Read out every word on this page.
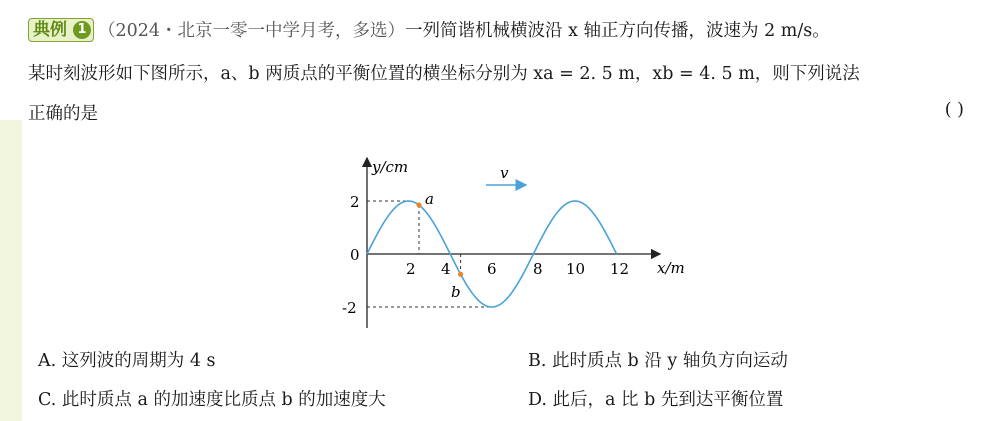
典例 1 （2024・北京一零一中学月考，多选）一列简谐机械横波沿 x 轴正方向传播，波速为 2 m/s。
某时刻波形如下图所示，a、b 两质点的平衡位置的横坐标分别为 xa = 2. 5 m，xb = 4. 5 m，则下列说法
正确的是	( )
y/cm
x/m
v
2
0
-2
2 4 6 8 10 12
a
b
A. 这列波的周期为 4 s	B. 此时质点 b 沿 y 轴负方向运动
C. 此时质点 a 的加速度比质点 b 的加速度大	D. 此后，a 比 b 先到达平衡位置
